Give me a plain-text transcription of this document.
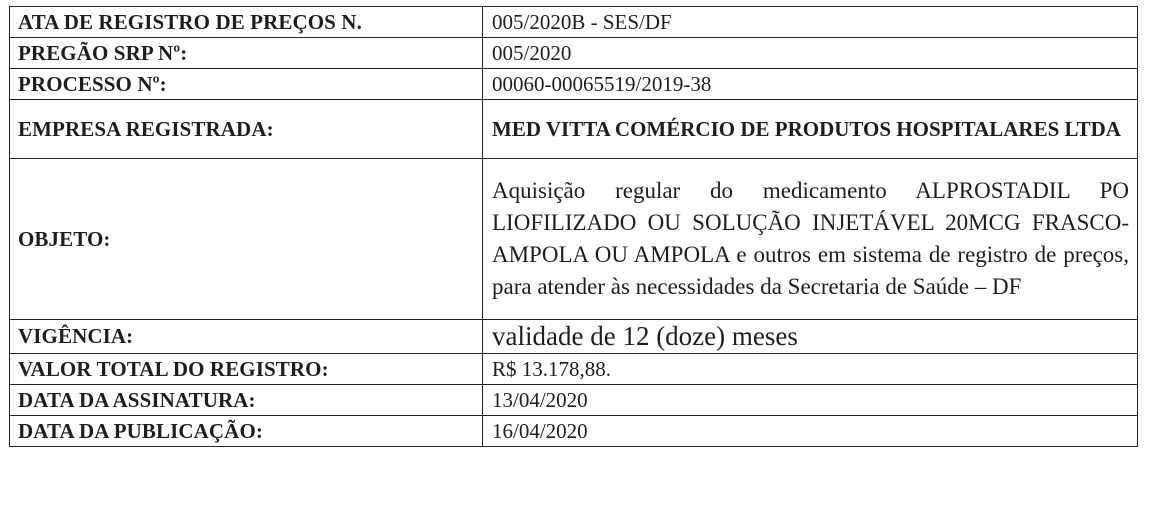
ATA DE REGISTRO DE PREÇOS N.	005/2020B - SES/DF
PREGÃO SRP Nº:	005/2020
PROCESSO Nº:	00060-00065519/2019-38
EMPRESA REGISTRADA:	MED VITTA COMÉRCIO DE PRODUTOS HOSPITALARES LTDA
OBJETO:	Aquisição regular do medicamento ALPROSTADIL PO LIOFILIZADO OU SOLUÇÃO INJETÁVEL 20MCG FRASCO-AMPOLA OU AMPOLA e outros em sistema de registro de preços, para atender às necessidades da Secretaria de Saúde – DF
VIGÊNCIA:	validade de 12 (doze) meses
VALOR TOTAL DO REGISTRO:	R$ 13.178,88.
DATA DA ASSINATURA:	13/04/2020
DATA DA PUBLICAÇÃO:	16/04/2020
